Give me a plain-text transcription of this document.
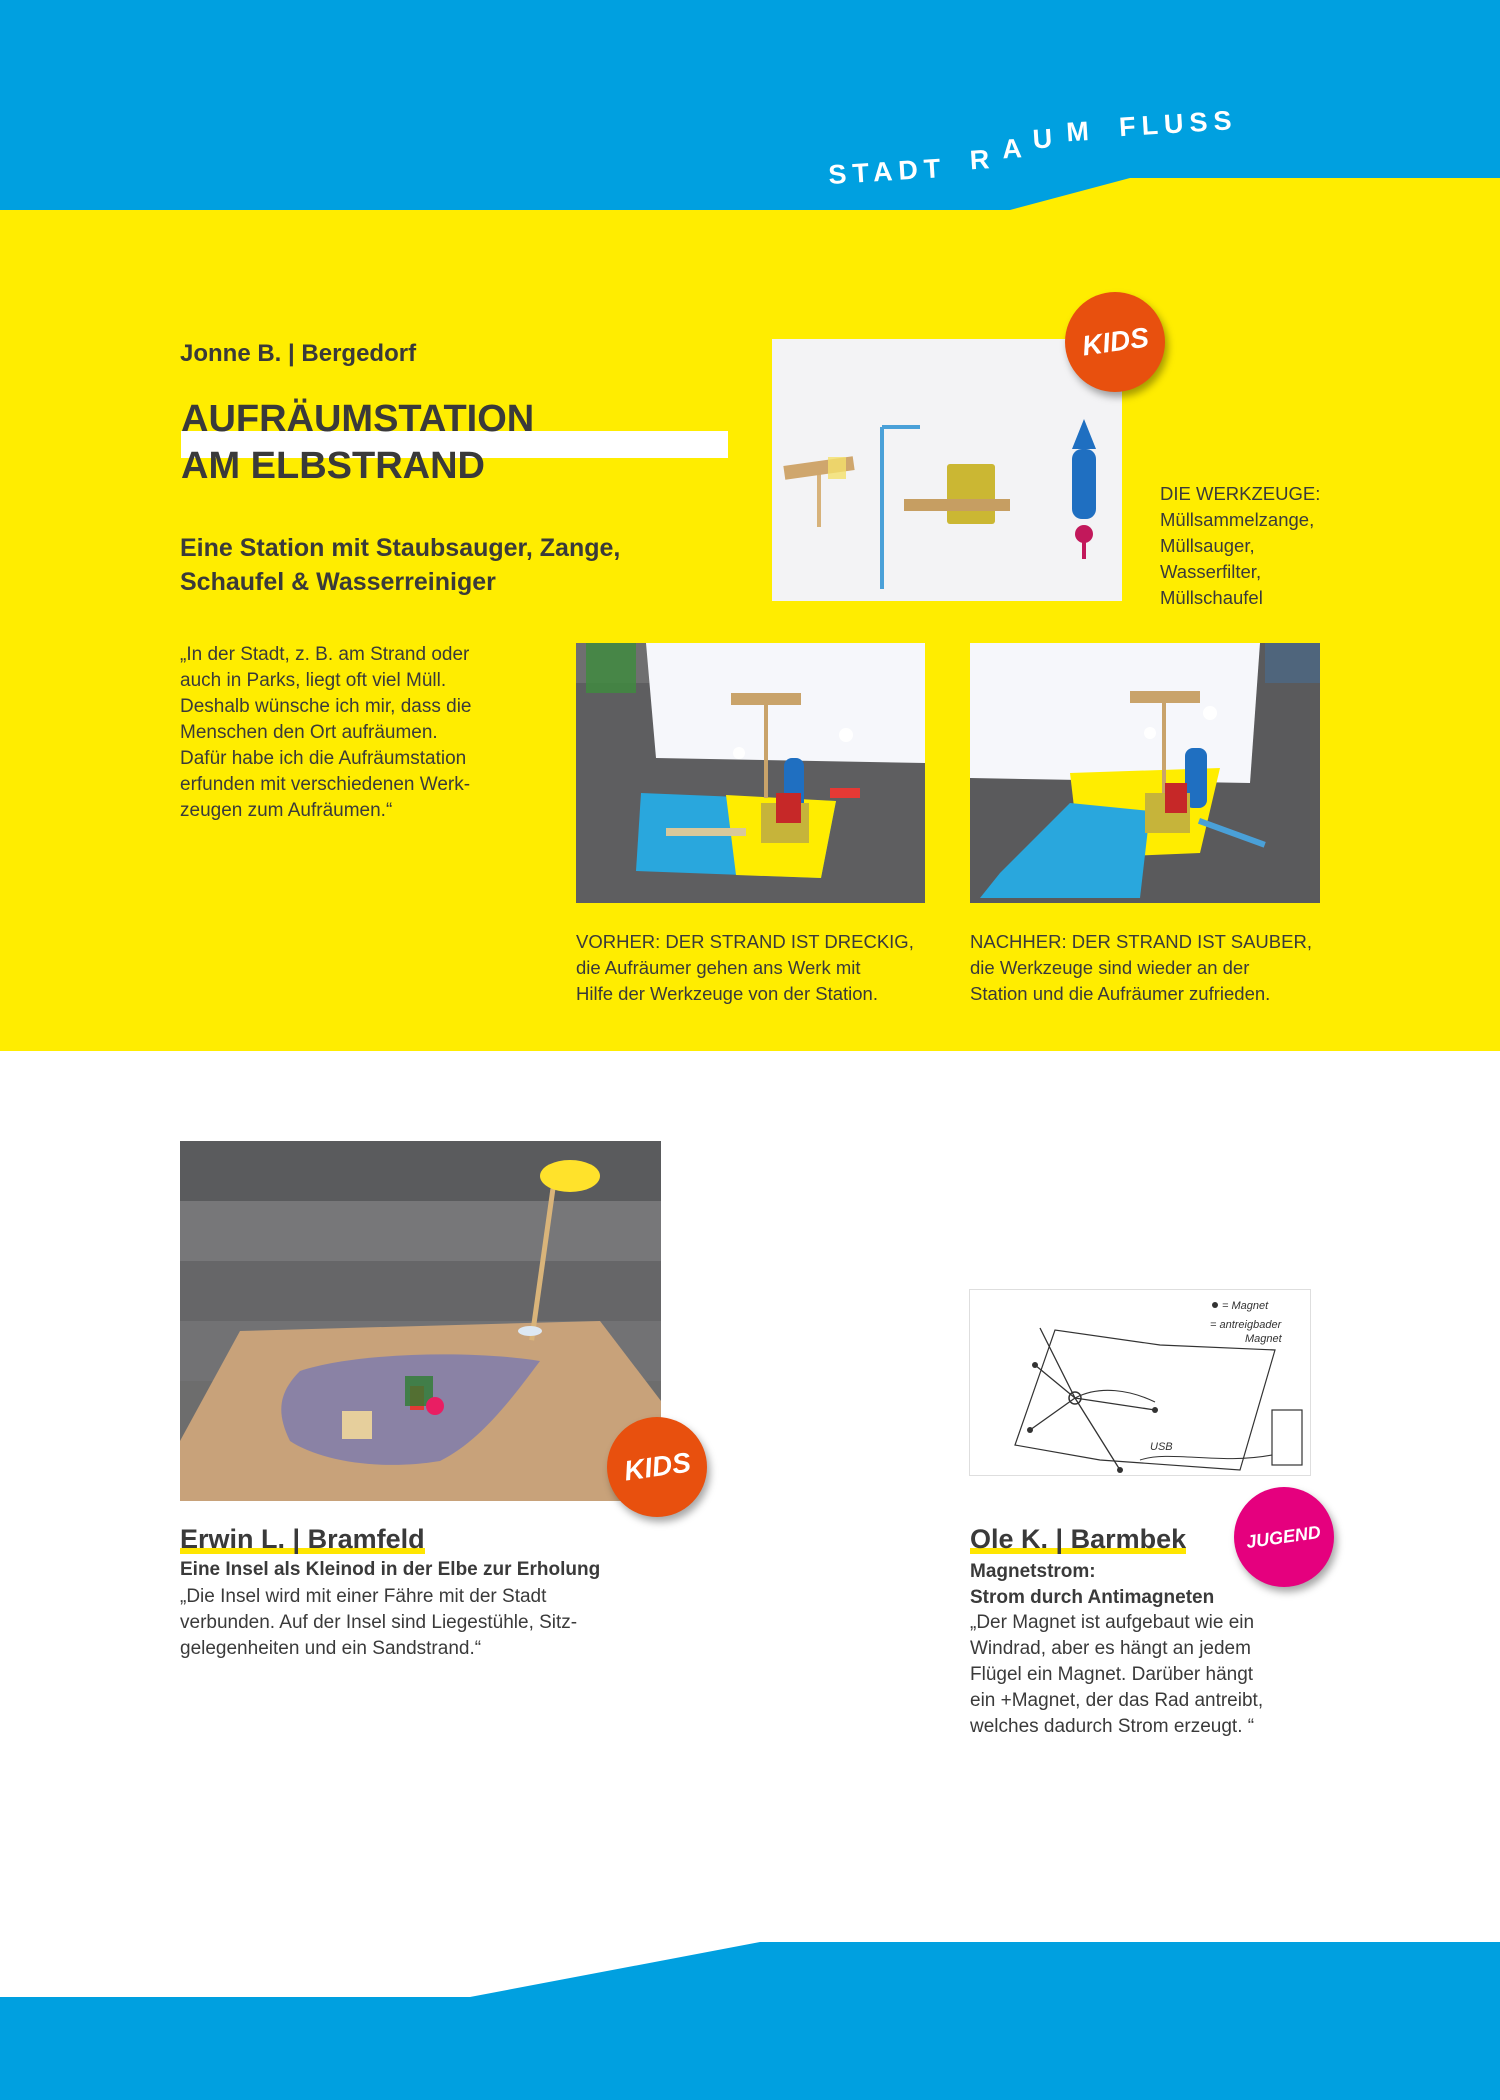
STADT R A U M FLUSS
Jonne B. | Bergedorf
AUFRÄUMSTATION
AM ELBSTRAND
Eine Station mit Staubsauger, Zange,
Schaufel & Wasserreiniger
„In der Stadt, z. B. am Strand oder
auch in Parks, liegt oft viel Müll.
Deshalb wünsche ich mir, dass die
Menschen den Ort aufräumen.
Dafür habe ich die Aufräumstation
erfunden mit verschiedenen Werk-
zeugen zum Aufräumen.“
KIDS
DIE WERKZEUGE:
Müllsammelzange,
Müllsauger,
Wasserfilter,
Müllschaufel
VORHER: DER STRAND IST DRECKIG,
die Aufräumer gehen ans Werk mit
Hilfe der Werkzeuge von der Station.
NACHHER: DER STRAND IST SAUBER,
die Werkzeuge sind wieder an der
Station und die Aufräumer zufrieden.
KIDS
Erwin L. | Bramfeld
Eine Insel als Kleinod in der Elbe zur Erholung
„Die Insel wird mit einer Fähre mit der Stadt
verbunden. Auf der Insel sind Liegestühle, Sitz-
gelegenheiten und ein Sandstrand.“
= Magnet
= antreigbader
Magnet
USB
JUGEND
Ole K. | Barmbek
Magnetstrom:
Strom durch Antimagneten
„Der Magnet ist aufgebaut wie ein
Windrad, aber es hängt an jedem
Flügel ein Magnet. Darüber hängt
ein +Magnet, der das Rad antreibt,
welches dadurch Strom erzeugt. “
